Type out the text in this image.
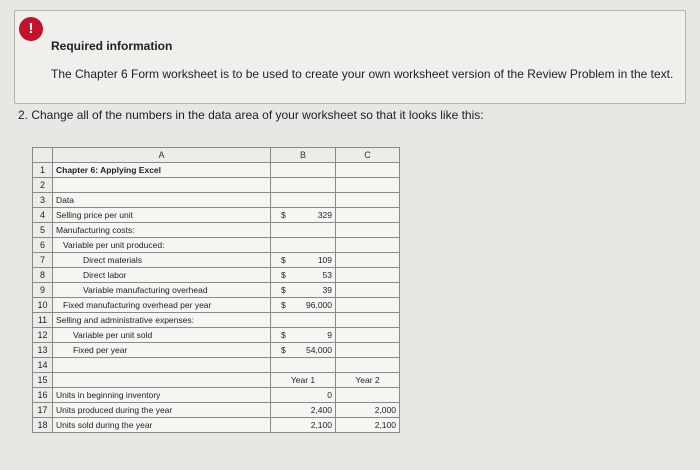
!
Required information
The Chapter 6 Form worksheet is to be used to create your own worksheet version of the Review Problem in the text.
2. Change all of the numbers in the data area of your worksheet so that it looks like this:
	A	B	C
1	Chapter 6: Applying Excel	

2		

3	Data	

4	Selling price per unit	$ 329	
5	Manufacturing costs:	

6	Variable per unit produced:	

7	Direct materials	$ 109	
8	Direct labor	$ 53	
9	Variable manufacturing overhead	$ 39	
10	Fixed manufacturing overhead per year	$ 96,000	
11	Selling and administrative expenses:	

12	Variable per unit sold	$ 9	
13	Fixed per year	$ 54,000	
14		

15		Year 1	Year 2
16	Units in beginning inventory	0	
17	Units produced during the year	2,400	2,000
18	Units sold during the year	2,100	2,100
